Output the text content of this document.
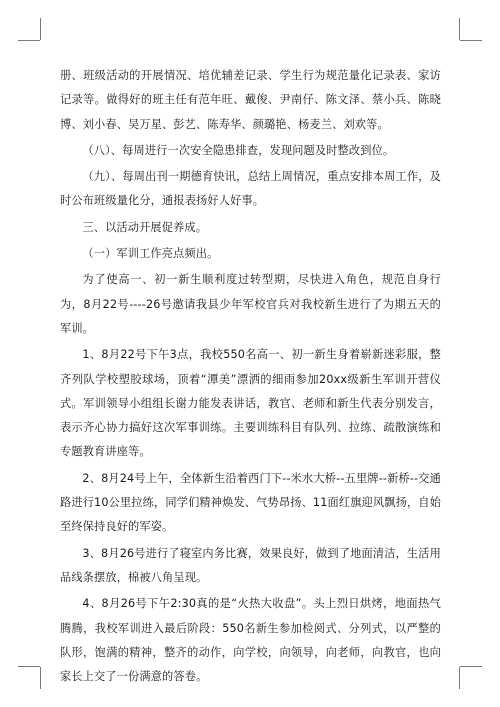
册、班级活动的开展情况、培优辅差记录、学生行为规范量化记录表、家访记录等。做得好的班主任有范年旺、戴俊、尹南仔、陈文泽、蔡小兵、陈晓博、刘小春、吴万星、彭艺、陈寿华、颜璐艳、杨麦兰、刘欢等。

（八）、每周进行一次安全隐患排查，发现问题及时整改到位。

（九）、每周出刊一期德育快讯，总结上周情况，重点安排本周工作，及时公布班级量化分，通报表扬好人好事。

三、以活动开展促养成。

（一）军训工作亮点频出。

为了使高一、初一新生顺利度过转型期，尽快进入角色，规范自身行为，8月22号----26号邀请我县少年军校官兵对我校新生进行了为期五天的军训。

1、8月22号下午3点，我校550名高一、初一新生身着崭新迷彩服，整齐列队学校塑胶球场，顶着“潭美”漂洒的细雨参加20xx级新生军训开营仪式。军训领导小组组长谢力能发表讲话，教官、老师和新生代表分别发言，表示齐心协力搞好这次军事训练。主要训练科目有队列、拉练、疏散演练和专题教育讲座等。

2、8月24号上午，全体新生沿着西门下--米水大桥--五里牌--新桥--交通路进行10公里拉练，同学们精神焕发、气势昂扬、11面红旗迎风飘扬，自始至终保持良好的军姿。

3、8月26号进行了寝室内务比赛，效果良好，做到了地面清洁，生活用品线条摆放，棉被八角呈现。

4、8月26号下午2:30真的是“火热大收盘”。头上烈日烘烤，地面热气腾腾，我校军训进入最后阶段：550名新生参加检阅式、分列式，以严整的队形，饱满的精神，整齐的动作，向学校，向领导，向老师，向教官，也向家长上交了一份满意的答卷。
